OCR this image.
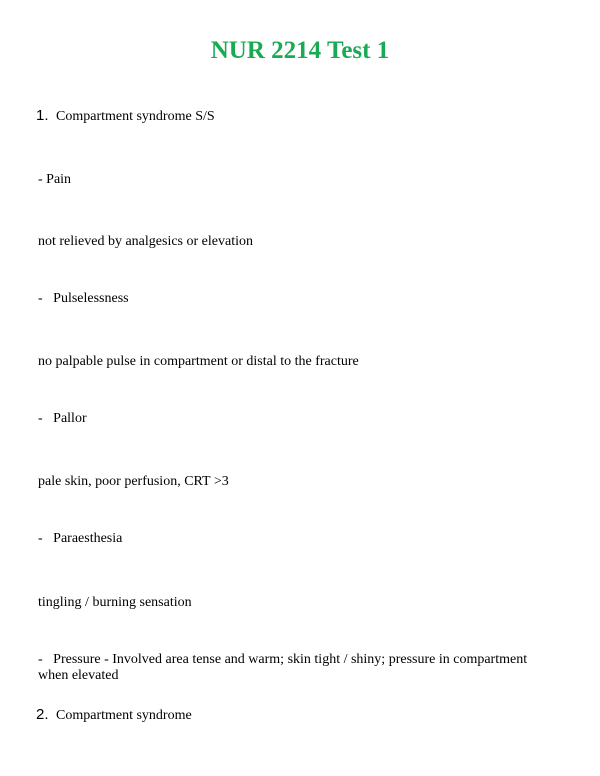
NUR 2214 Test 1
1. Compartment syndrome S/S
- Pain
not relieved by analgesics or elevation
-   Pulselessness
no palpable pulse in compartment or distal to the fracture
-   Pallor
pale skin, poor perfusion, CRT >3
-   Paraesthesia
tingling / burning sensation
-   Pressure - Involved area tense and warm; skin tight / shiny; pressure in compartment when elevated
2. Compartment syndrome
